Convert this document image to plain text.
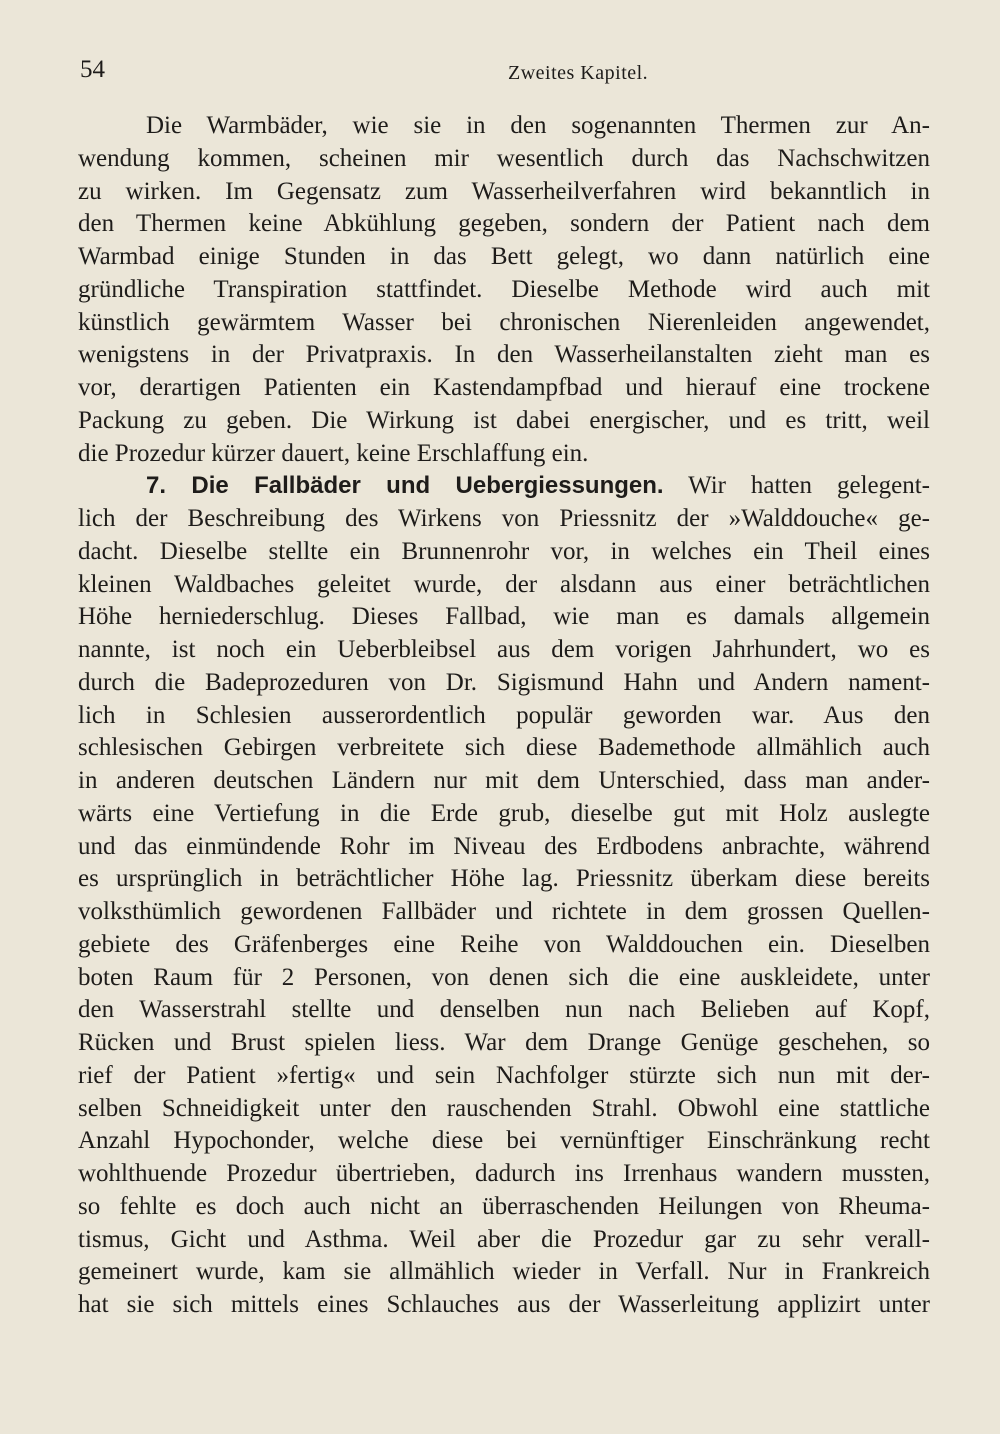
54	Zweites Kapitel.
Die Warmbäder, wie sie in den sogenannten Thermen zur An-
wendung kommen, scheinen mir wesentlich durch das Nachschwitzen
zu wirken. Im Gegensatz zum Wasserheilverfahren wird bekanntlich in
den Thermen keine Abkühlung gegeben, sondern der Patient nach dem
Warmbad einige Stunden in das Bett gelegt, wo dann natürlich eine
gründliche Transpiration stattfindet. Dieselbe Methode wird auch mit
künstlich gewärmtem Wasser bei chronischen Nierenleiden angewendet,
wenigstens in der Privatpraxis. In den Wasserheilanstalten zieht man es
vor, derartigen Patienten ein Kastendampfbad und hierauf eine trockene
Packung zu geben. Die Wirkung ist dabei energischer, und es tritt, weil
die Prozedur kürzer dauert, keine Erschlaffung ein.
7. Die Fallbäder und Uebergiessungen. Wir hatten gelegent-
lich der Beschreibung des Wirkens von Priessnitz der »Walddouche« ge-
dacht. Dieselbe stellte ein Brunnenrohr vor, in welches ein Theil eines
kleinen Waldbaches geleitet wurde, der alsdann aus einer beträchtlichen
Höhe herniederschlug. Dieses Fallbad, wie man es damals allgemein
nannte, ist noch ein Ueberbleibsel aus dem vorigen Jahrhundert, wo es
durch die Badeprozeduren von Dr. Sigismund Hahn und Andern nament-
lich in Schlesien ausserordentlich populär geworden war. Aus den
schlesischen Gebirgen verbreitete sich diese Bademethode allmählich auch
in anderen deutschen Ländern nur mit dem Unterschied, dass man ander-
wärts eine Vertiefung in die Erde grub, dieselbe gut mit Holz auslegte
und das einmündende Rohr im Niveau des Erdbodens anbrachte, während
es ursprünglich in beträchtlicher Höhe lag. Priessnitz überkam diese bereits
volksthümlich gewordenen Fallbäder und richtete in dem grossen Quellen-
gebiete des Gräfenberges eine Reihe von Walddouchen ein. Dieselben
boten Raum für 2 Personen, von denen sich die eine auskleidete, unter
den Wasserstrahl stellte und denselben nun nach Belieben auf Kopf,
Rücken und Brust spielen liess. War dem Drange Genüge geschehen, so
rief der Patient »fertig« und sein Nachfolger stürzte sich nun mit der-
selben Schneidigkeit unter den rauschenden Strahl. Obwohl eine stattliche
Anzahl Hypochonder, welche diese bei vernünftiger Einschränkung recht
wohlthuende Prozedur übertrieben, dadurch ins Irrenhaus wandern mussten,
so fehlte es doch auch nicht an überraschenden Heilungen von Rheuma-
tismus, Gicht und Asthma. Weil aber die Prozedur gar zu sehr verall-
gemeinert wurde, kam sie allmählich wieder in Verfall. Nur in Frankreich
hat sie sich mittels eines Schlauches aus der Wasserleitung applizirt unter
